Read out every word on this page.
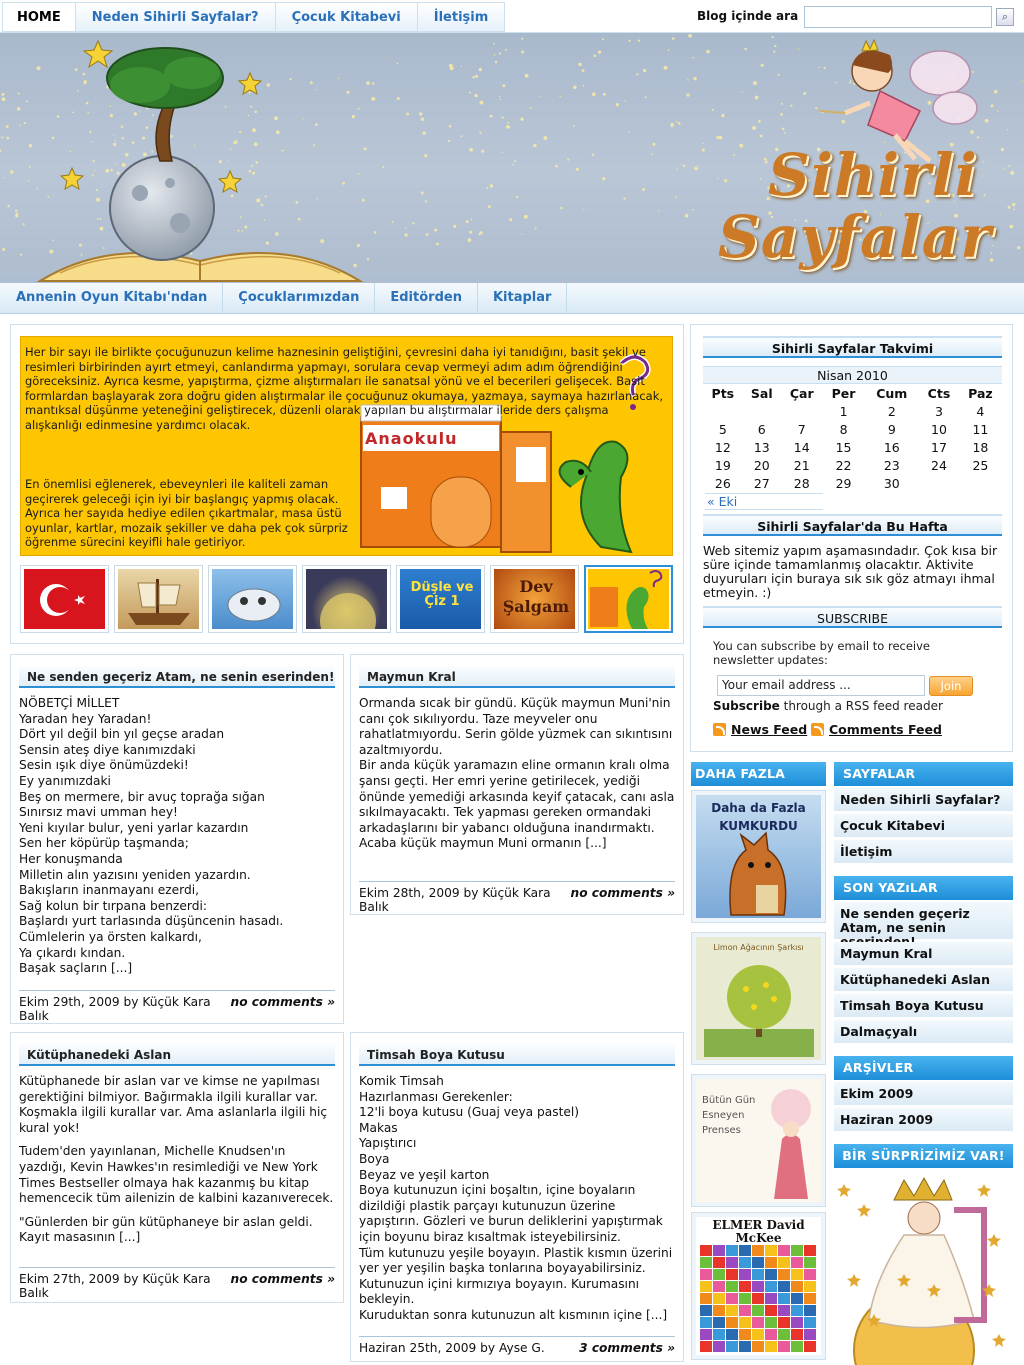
HOME	Neden Sihirli Sayfalar?	Çocuk Kitabevi	İletişim	Blog içinde ara	⌕
Sihirli
Sayfalar
Annenin Oyun Kitabı'ndan	Çocuklarımızdan	Editörden	Kitaplar
Anaokulu
Her bir sayı ile birlikte çocuğunuzun kelime haznesinin geliştiğini, çevresini daha iyi tanıdığını, basit şekil ve resimleri birbirinden ayırt etmeyi, canlandırma yapmayı, sorulara cevap vermeyi adım adım öğrendiğini göreceksiniz. Ayrıca kesme, yapıştırma, çizme alıştırmaları ile sanatsal yönü ve el becerileri gelişecek. Basit formlardan başlayarak zora doğru giden alıştırmalar ile çocuğunuz okumaya, yazmaya, saymaya hazırlanacak, mantıksal düşünme yeteneğini geliştirecek, düzenli olarak yapılan bu alıştırmalar ileride ders çalışma alışkanlığı edinmesine yardımcı olacak.
En önemlisi eğlenerek, ebeveynleri ile kaliteli zaman geçirerek geleceği için iyi bir başlangıç yapmış olacak. Ayrıca her sayıda hediye edilen çıkartmalar, masa üstü oyunlar, kartlar, mozaik şekiller ve daha pek çok sürpriz öğrenme sürecini keyifli hale getiriyor.
Düşle ve Çiz 1
Dev Şalgam
Ne senden geçeriz Atam, ne senin eserinden!

NÖBETÇİ MİLLET

Yaradan hey Yaradan!

Dört yıl değil bin yıl geçse aradan

Sensin ateş diye kanımızdaki

Sesin ışık diye önümüzdeki!

Ey yanımızdaki

Beş on mermere, bir avuç toprağa sığan

Sınırsız mavi umman hey!

Yeni kıyılar bulur, yeni yarlar kazardın

Sen her köpürüp taşmanda;

Her konuşmanda

Milletin alın yazısını yeniden yazardın.

Bakışların inanmayanı ezerdi,

Sağ kolun bir tırpana benzerdi:

Başlardı yurt tarlasında düşüncenin hasadı.

Cümlelerin ya örsten kalkardı,

Ya çıkardı kından.

Başak saçların [...]

Ekim 29th, 2009 by Küçük Kara Balık
no comments »
Maymun Kral

Ormanda sıcak bir gündü. Küçük maymun Muni'nin canı çok sıkılıyordu. Taze meyveler onu rahatlatmıyordu. Serin gölde yüzmek can sıkıntısını azaltmıyordu.

Bir anda küçük yaramazın eline ormanın kralı olma şansı geçti. Her emri yerine getirilecek, yediği önünde yemediği arkasında keyif çatacak, canı asla sıkılmayacaktı. Tek yapması gereken ormandaki arkadaşlarını bir yabancı olduğuna inandırmaktı.

Acaba küçük maymun Muni ormanın [...]

Ekim 28th, 2009 by Küçük Kara Balık
no comments »
Kütüphanedeki Aslan

Kütüphanede bir aslan var ve kimse ne yapılması gerektiğini bilmiyor. Bağırmakla ilgili kurallar var. Koşmakla ilgili kurallar var. Ama aslanlarla ilgili hiç kural yok!

Tudem'den yayınlanan, Michelle Knudsen'ın yazdığı, Kevin Hawkes'ın resimlediği ve New York Times Bestseller olmaya hak kazanmış bu kitap hemencecik tüm ailenizin de kalbini kazanıverecek.

"Günlerden bir gün kütüphaneye bir aslan geldi. Kayıt masasının [...]

Ekim 27th, 2009 by Küçük Kara Balık
no comments »
Timsah Boya Kutusu

Komik Timsah

Hazırlanması Gerekenler:

12'li boya kutusu (Guaj veya pastel)

Makas

Yapıştırıcı

Boya

Beyaz ve yeşil karton

Boya kutunuzun içini boşaltın, içine boyaların dizildiği plastik parçayı kutunuzun üzerine yapıştırın. Gözleri ve burun deliklerini yapıştırmak için boyunu biraz kısaltmak isteyebilirsiniz.

Tüm kutunuzu yeşile boyayın. Plastik kısmın üzerini yer yer yeşilin başka tonlarına boyayabilirsiniz. Kutunuzun içini kırmızıya boyayın. Kurumasını bekleyin.

Kuruduktan sonra kutunuzun alt kısmının içine [...]

Haziran 25th, 2009 by Ayse G.	3 comments »
Sihirli Sayfalar Takvimi
Nisan 2010
Pts	Sal	Çar	Per	Cum	Cts	Paz
			1	2	3	4
5	6	7	8	9	10	11
12	13	14	15	16	17	18
19	20	21	22	23	24	25
26	27	28	29	30		
« Eki
Sihirli Sayfalar'da Bu Hafta
Web sitemiz yapım aşamasındadır. Çok kısa bir süre içinde tamamlanmış olacaktır. Aktivite duyuruları için buraya sık sık göz atmayı ihmal etmeyin. :)
SUBSCRIBE
You can subscribe by email to receive newsletter updates:
Your email address ...	Join
Subscribe through a RSS feed reader
News Feed	Comments Feed
DAHA FAZLA
Daha da Fazla KUMKURDU
Limon Ağacının Şarkısı
Bütün Gün Esneyen Prenses
ELMER David McKee
SAYFALAR
Neden Sihirli Sayfalar?
Çocuk Kitabevi
İletişim
SON YAZıLAR
Ne senden geçeriz Atam, ne senin
Maymun Kral
Kütüphanedeki Aslan
Timsah Boya Kutusu
Dalmaçyalı
ARŞİVLER
Ekim 2009
Haziran 2009
BİR SÜRPRİZİMİZ VAR!
